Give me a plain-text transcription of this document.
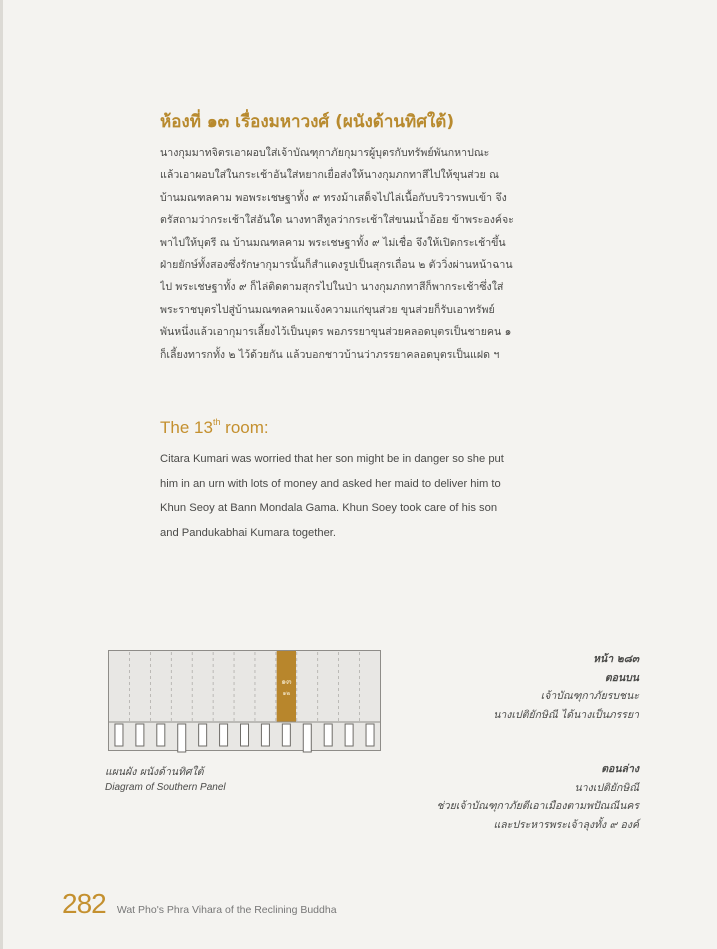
ห้องที่ ๑๓ เรื่องมหาวงศ์ (ผนังด้านทิศใต้)
นางกุมมาทจิตรเอาผอบใส่เจ้าบัณฑุกาภัยกุมารผู้บุตรกับทรัพย์พันกหาปณะ
แล้วเอาผอบใส่ในกระเช้าอันใส่หยากเยื่อส่งให้นางกุมภกทาสีไปให้ขุนส่วย ณ
บ้านมณฑลคาม พอพระเชษฐาทั้ง ๙ ทรงม้าเสด็จไปไล่เนื้อกับบริวารพบเข้า จึง
ตรัสถามว่ากระเช้าใส่อันใด นางทาสีทูลว่ากระเช้าใส่ขนมน้ำอ้อย ข้าพระองค์จะ
พาไปให้บุตรี ณ บ้านมณฑลคาม พระเชษฐาทั้ง ๙ ไม่เชื่อ จึงให้เปิดกระเช้าขึ้น
ฝ่ายยักษ์ทั้งสองซึ่งรักษากุมารนั้นก็สำแดงรูปเป็นสุกรเถื่อน ๒ ตัววิ่งผ่านหน้าฉาน
ไป พระเชษฐาทั้ง ๙ ก็ไล่ติดตามสุกรไปในป่า นางกุมภกทาสีก็พากระเช้าซึ่งใส่
พระราชบุตรไปสู่บ้านมณฑลคามแจ้งความแก่ขุนส่วย ขุนส่วยก็รับเอาทรัพย์
พันหนึ่งแล้วเอากุมารเลี้ยงไว้เป็นบุตร พอภรรยาขุนส่วยคลอดบุตรเป็นชายคน ๑
ก็เลี้ยงทารกทั้ง ๒ ไว้ด้วยกัน แล้วบอกชาวบ้านว่าภรรยาคลอดบุตรเป็นแฝด ฯ
The 13th room:
Citara Kumari was worried that her son might be in danger so she put
him in an urn with lots of money and asked her maid to deliver him to
Khun Seoy at Bann Mondala Gama. Khun Soey took care of his son
and Pandukabhai Kumara together.
๑๓
๑๒
แผนผัง ผนังด้านทิศใต้
Diagram of Southern Panel
หน้า ๒๘๓
ตอนบน
เจ้าบัณฑุกาภัยรบชนะ
นางเปติยักษิณี ได้นางเป็นภรรยา
ตอนล่าง
นางเปติยักษิณี
ช่วยเจ้าบัณฑุกาภัยตีเอาเมืองตามพปัณณีนคร
และประหารพระเจ้าลุงทั้ง ๙ องค์
282 Wat Pho's Phra Vihara of the Reclining Buddha
